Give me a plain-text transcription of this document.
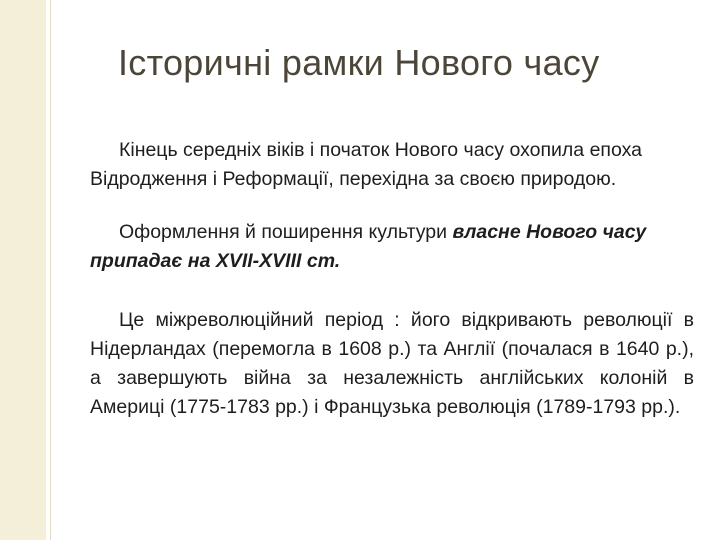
Історичні рамки Нового часу

Кінець середніх віків і початок Нового часу охопила епоха Відродження і Реформації, перехідна за своєю природою.

Оформлення й поширення культури власне Нового часу припадає на XVII-XVIII ст.

Це міжреволюційний період : його відкривають революції в Нідерландах (перемогла в 1608 р.) та Англії (почалася в 1640 р.), а завершують війна за незалежність англійських колоній в Америці (1775-1783 рр.) і Французька революція (1789-1793 рр.).
